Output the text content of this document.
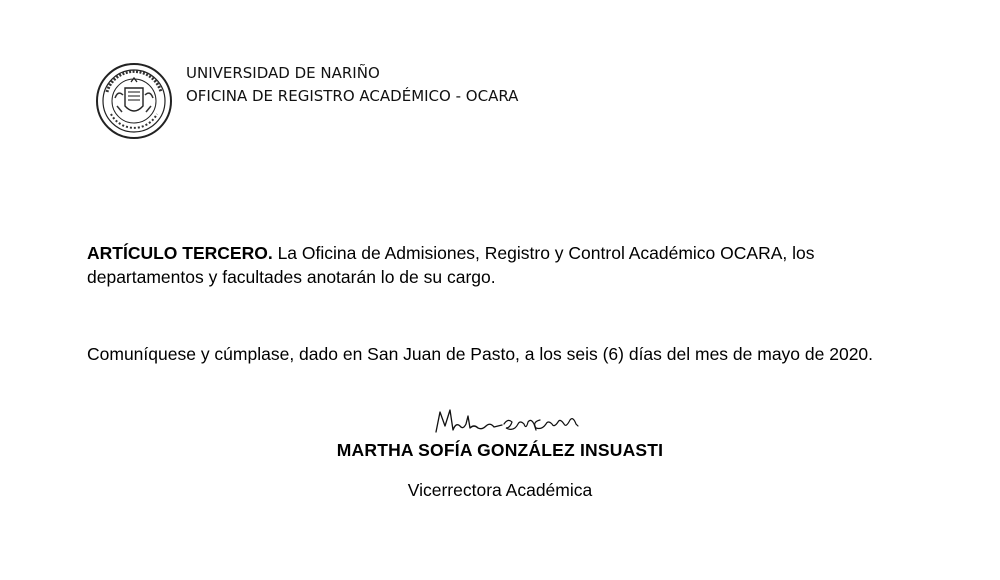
UNIVERSIDAD DE NARIÑO
OFICINA DE REGISTRO ACADÉMICO - OCARA
ARTÍCULO TERCERO. La Oficina de Admisiones, Registro y Control Académico OCARA, los departamentos y facultades anotarán lo de su cargo.
Comuníquese y cúmplase, dado en San Juan de Pasto, a los seis (6) días del mes de mayo de 2020.
MARTHA SOFÍA GONZÁLEZ INSUASTI
Vicerrectora Académica
